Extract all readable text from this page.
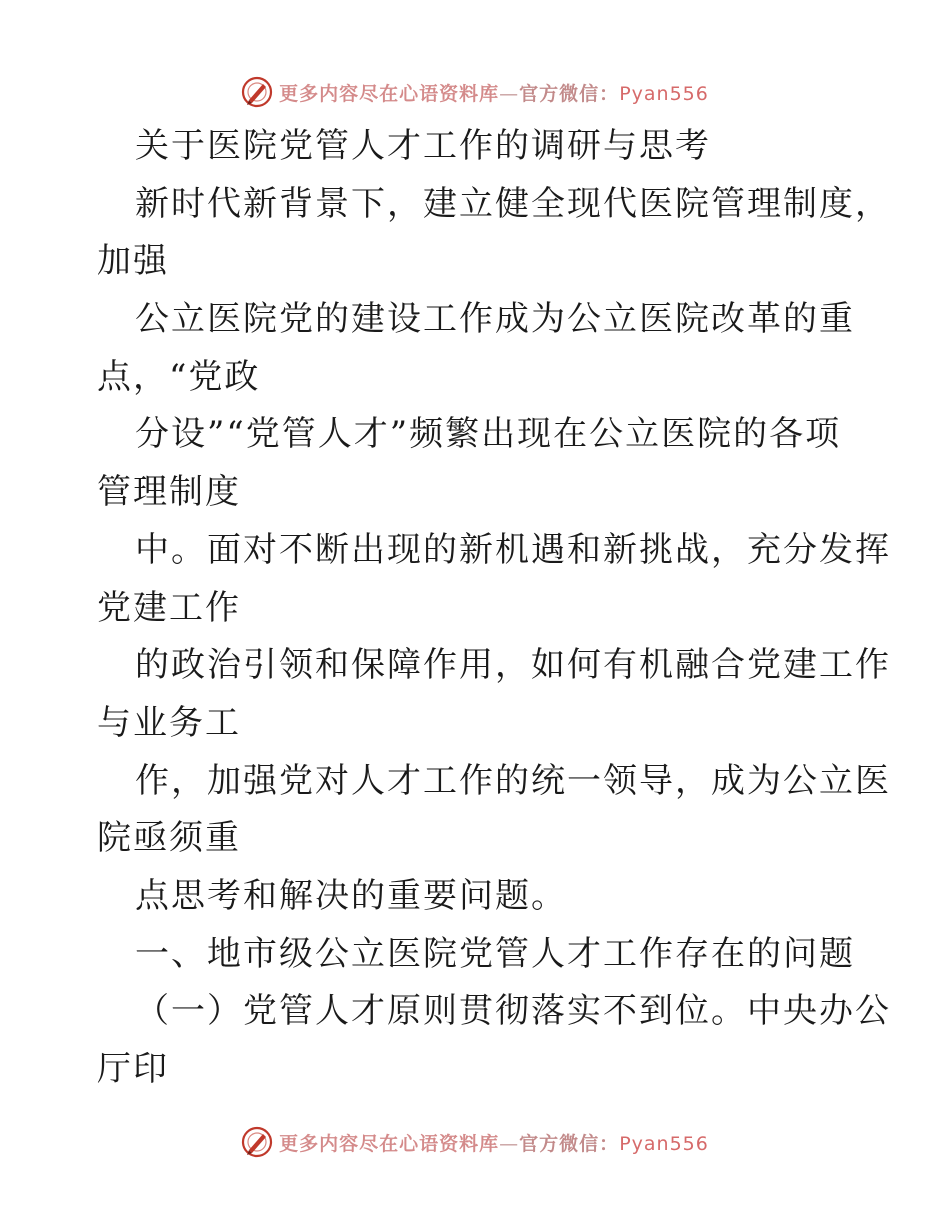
更多内容尽在心语资料库—官方微信：Pyan556
关于医院党管人才工作的调研与思考
新时代新背景下，建立健全现代医院管理制度，
加强
公立医院党的建设工作成为公立医院改革的重
点，“党政
分设”“党管人才”频繁出现在公立医院的各项
管理制度
中。面对不断出现的新机遇和新挑战，充分发挥
党建工作
的政治引领和保障作用，如何有机融合党建工作
与业务工
作，加强党对人才工作的统一领导，成为公立医
院亟须重
点思考和解决的重要问题。
一、地市级公立医院党管人才工作存在的问题
（一）党管人才原则贯彻落实不到位。中央办公
厅印
更多内容尽在心语资料库—官方微信：Pyan556
